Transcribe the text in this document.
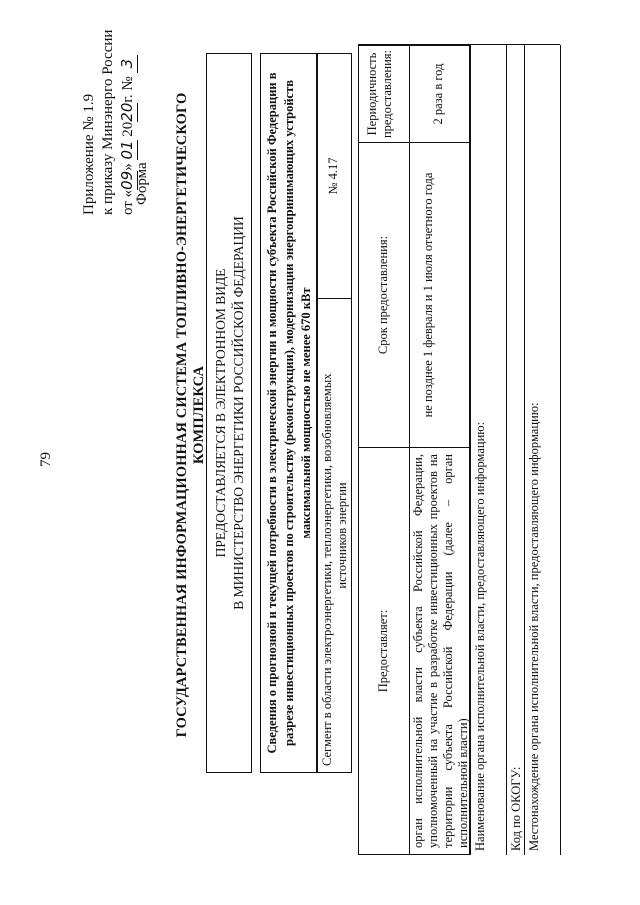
79
Приложение № 1.9 к приказу Минэнерго России от «09» 01 2020г. № 3
Форма ГОСУДАРСТВЕННАЯ ИНФОРМАЦИОННАЯ СИСТЕМА ТОПЛИВНО-ЭНЕРГЕТИЧЕСКОГО КОМПЛЕКСА ПРЕДОСТАВЛЯЕТСЯ В ЭЛЕКТРОННОМ ВИДЕ В МИНИСТЕРСТВО ЭНЕРГЕТИКИ РОССИЙСКОЙ ФЕДЕРАЦИИ Сведения о прогнозной и текущей потребности в электрической энергии и мощности субъекта Российской Федерации в разрезе инвестиционных проектов по строительству (реконструкции), модернизации энергопринимающих устройств максимальной мощностью не менее 670 кВт Сегмент в области электроэнергетики, теплоэнергетики, возобновляемых источников энергии
№ 4.17
Предоставляет:
Срок предоставления:
Периодичность предоставления:
орган исполнительной власти субъекта Российской Федерации, уполномоченный на участие в разработке инвестиционных проектов на территории субъекта Российской Федерации (далее – орган исполнительной власти)
не позднее 1 февраля и 1 июля отчетного года
2 раза в год
Наименование органа исполнительной власти, предоставляющего информацию: Код по ОКОГУ: Местонахождение органа исполнительной власти, предоставляющего информацию:
